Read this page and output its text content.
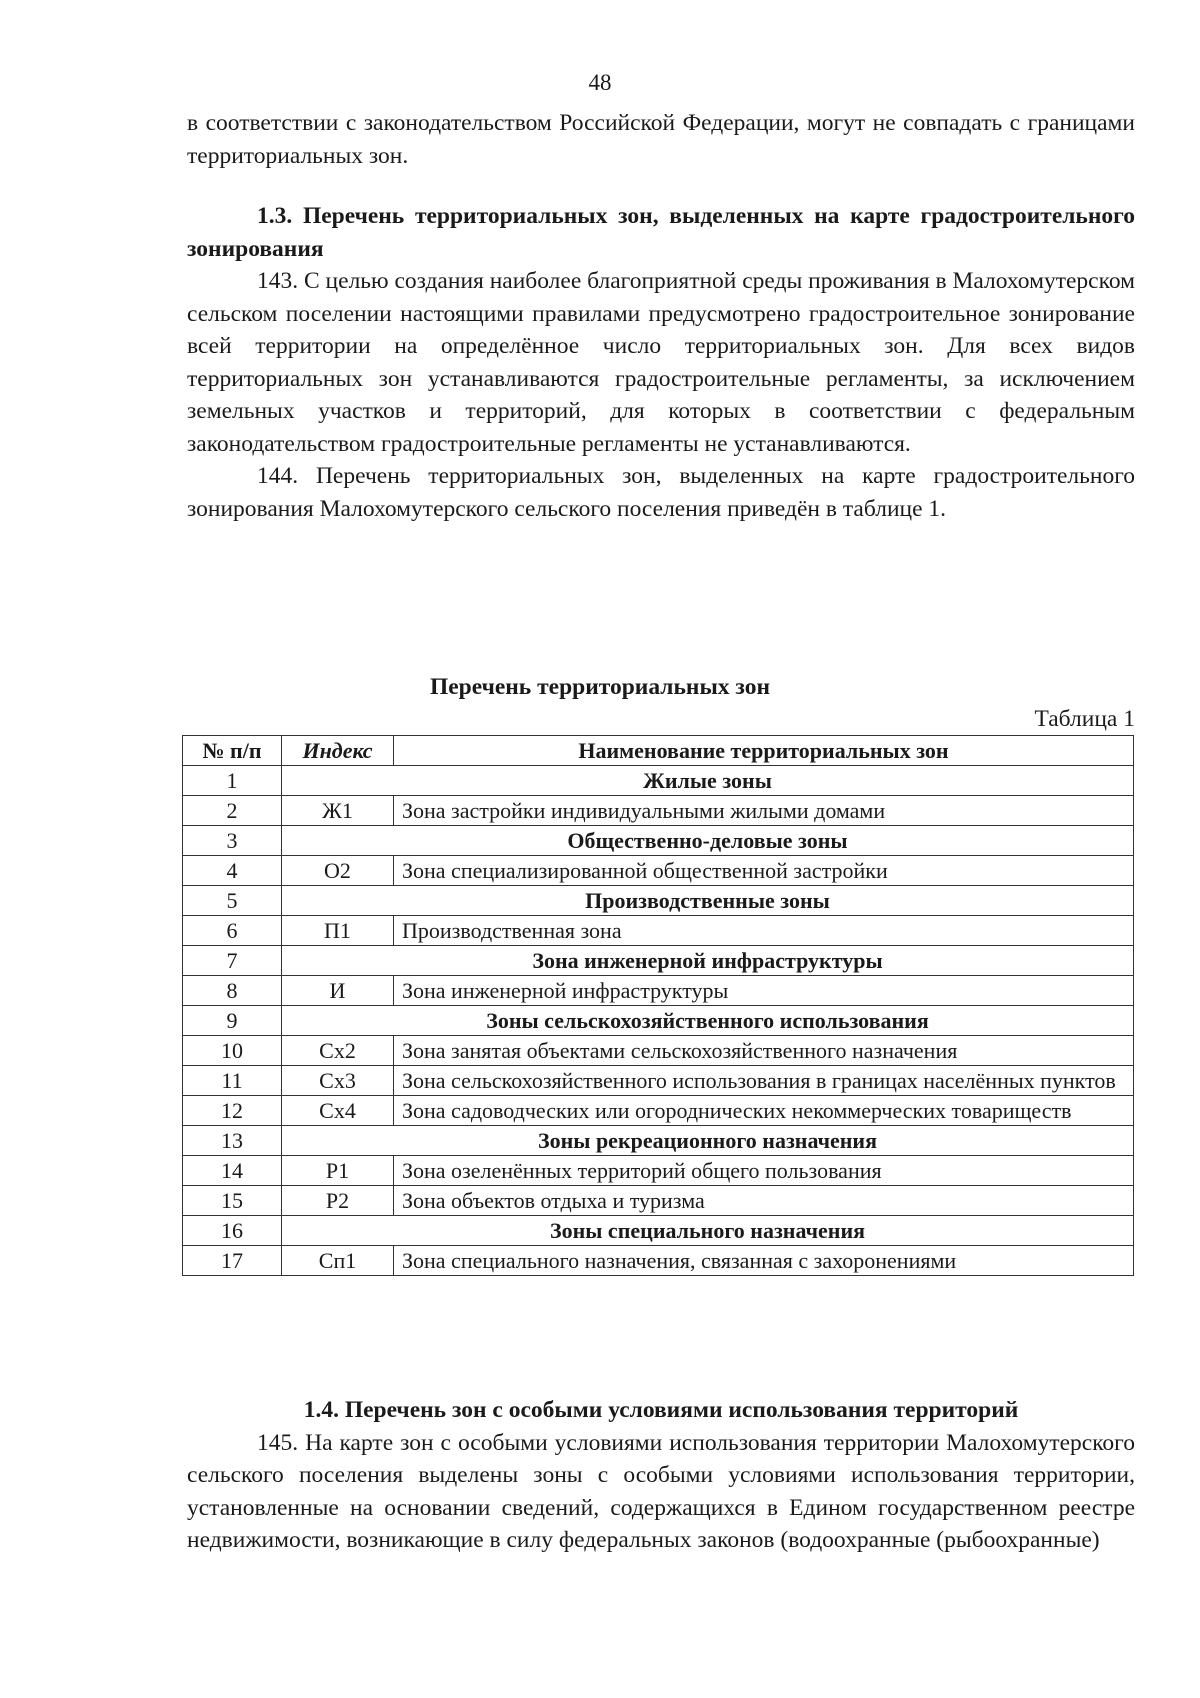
48

в соответствии с законодательством Российской Федерации, могут не совпадать с границами территориальных зон.

1.3. Перечень территориальных зон, выделенных на карте градостроительного зонирования

143. С целью создания наиболее благоприятной среды проживания в Малохомутерском сельском поселении настоящими правилами предусмотрено градостроительное зонирование всей территории на определённое число территориальных зон. Для всех видов территориальных зон устанавливаются градостроительные регламенты, за исключением земельных участков и территорий, для которых в соответствии с федеральным законодательством градостроительные регламенты не устанавливаются.

144. Перечень территориальных зон, выделенных на карте градостроительного зонирования Малохомутерского сельского поселения приведён в таблице 1.

Перечень территориальных зон
Таблица 1
№ п/п	Индекс	Наименование территориальных зон
1	Жилые зоны	
2	Ж1	Зона застройки индивидуальными жилыми домами
3	Общественно-деловые зоны	
4	О2	Зона специализированной общественной застройки
5	Производственные зоны	
6	П1	Производственная зона
7	Зона инженерной инфраструктуры	
8	И	Зона инженерной инфраструктуры
9	Зоны сельскохозяйственного использования	
10	Сх2	Зона занятая объектами сельскохозяйственного назначения
11	Сх3	Зона сельскохозяйственного использования в границах населённых пунктов
12	Сх4	Зона садоводческих или огороднических некоммерческих товариществ
13	Зоны рекреационного назначения	
14	Р1	Зона озеленённых территорий общего пользования
15	Р2	Зона объектов отдыха и туризма
16	Зоны специального назначения	
17	Сп1	Зона специального назначения, связанная с захоронениями

1.4. Перечень зон с особыми условиями использования территорий

145. На карте зон с особыми условиями использования территории Малохомутерского сельского поселения выделены зоны с особыми условиями использования территории, установленные на основании сведений, содержащихся в Едином государственном реестре недвижимости, возникающие в силу федеральных законов (водоохранные (рыбоохранные)
